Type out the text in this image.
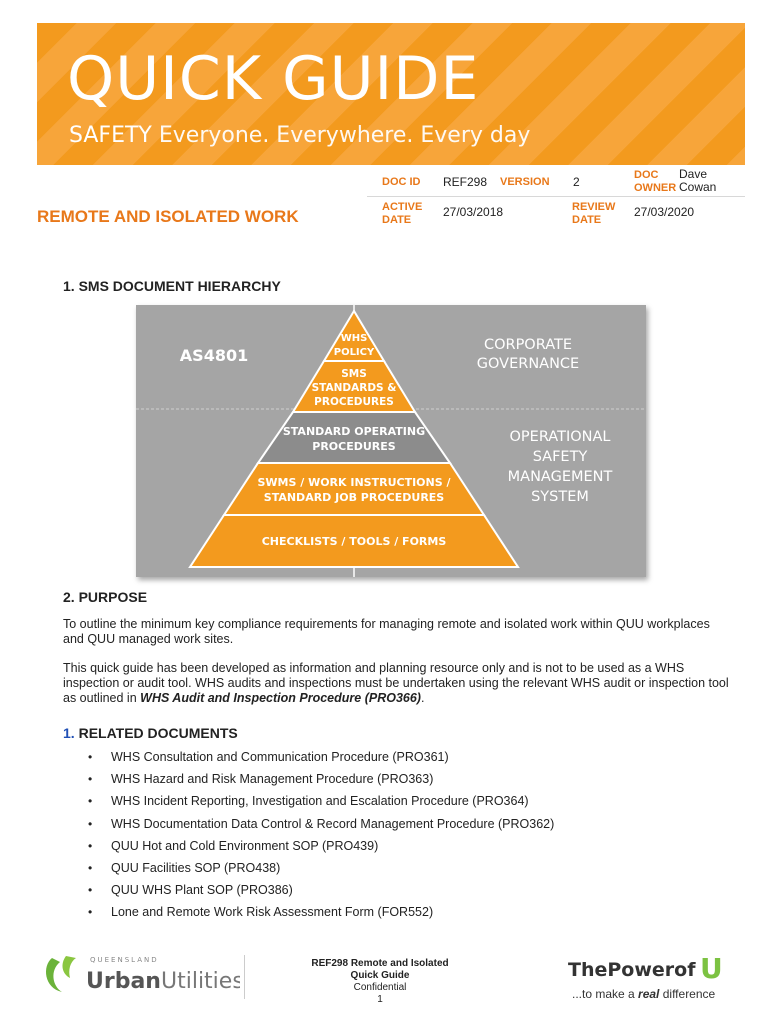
QUICK GUIDE
SAFETY Everyone. Everywhere. Every day
REMOTE AND ISOLATED WORK
DOC ID REF298 VERSION 2	DOC
OWNER
Dave
Cowan
ACTIVE
DATE
27/03/2018	REVIEW
DATE
27/03/2020
1. SMS DOCUMENT HIERARCHY
WHS
POLICY
SMS
STANDARDS &
PROCEDURES
STANDARD OPERATING
PROCEDURES
SWMS / WORK INSTRUCTIONS /
STANDARD JOB PROCEDURES
CHECKLISTS / TOOLS / FORMS
AS4801
CORPORATE
GOVERNANCE
OPERATIONAL
SAFETY
MANAGEMENT
SYSTEM
2. PURPOSE
To outline the minimum key compliance requirements for managing remote and isolated work within QUU workplaces and QUU managed work sites.
This quick guide has been developed as information and planning resource only and is not to be used as a WHS inspection or audit tool. WHS audits and inspections must be undertaken using the relevant WHS audit or inspection tool as outlined in WHS Audit and Inspection Procedure (PRO366).
1. RELATED DOCUMENTS
• WHS Consultation and Communication Procedure (PRO361)
• WHS Hazard and Risk Management Procedure (PRO363)
• WHS Incident Reporting, Investigation and Escalation Procedure (PRO364)
• WHS Documentation Data Control & Record Management Procedure (PRO362)
• QUU Hot and Cold Environment SOP (PRO439)
• QUU Facilities SOP (PRO438)
• QUU WHS Plant SOP (PRO386)
• Lone and Remote Work Risk Assessment Form (FOR552)
QUEENSLAND
UrbanUtilities
REF298 Remote and Isolated
Quick Guide
Confidential
1
ThePowerof U
...to make a real difference
